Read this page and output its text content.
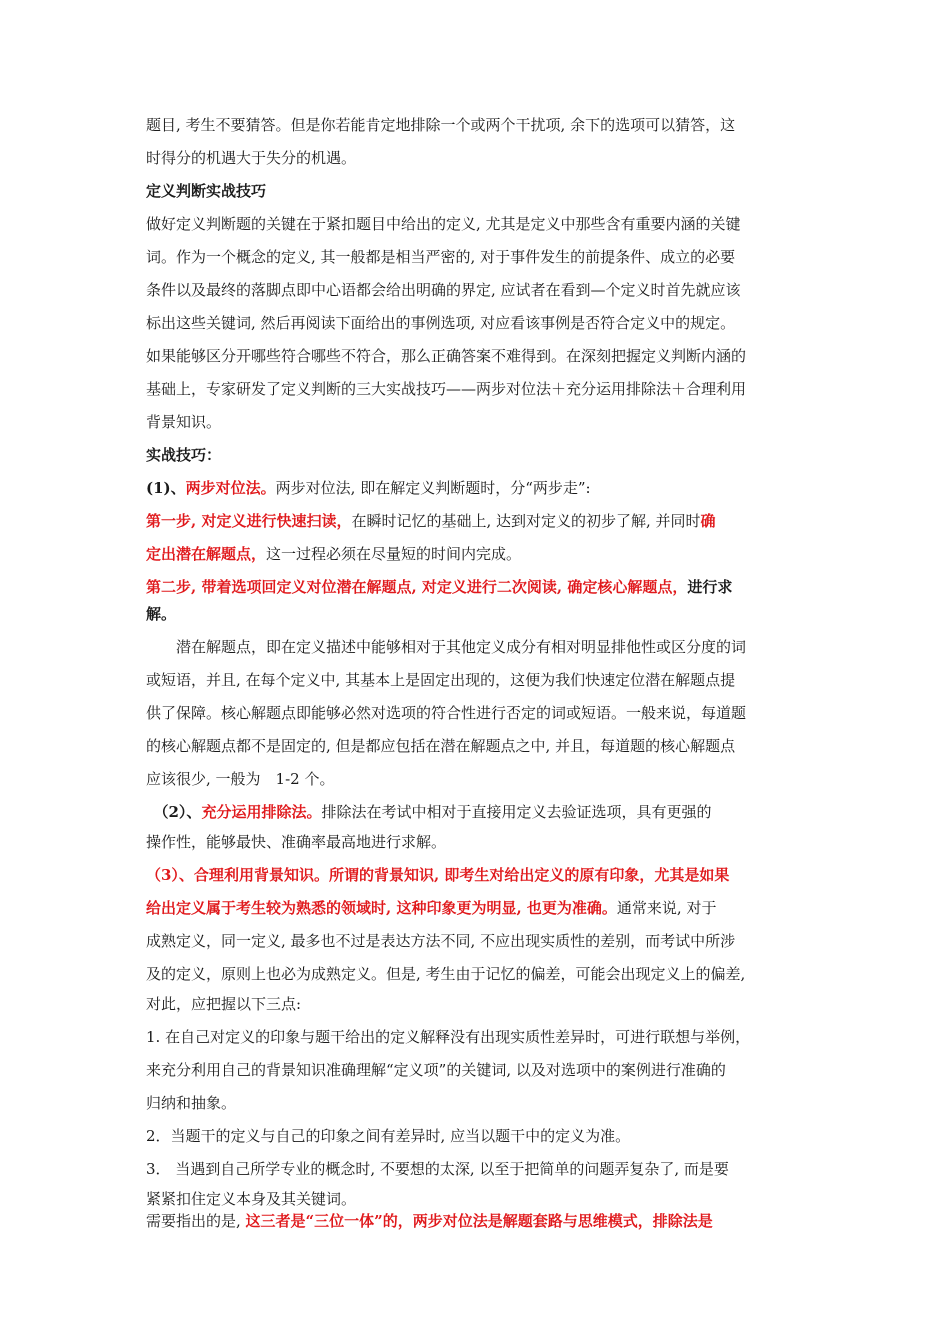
题目, 考生不要猜答。但是你若能肯定地排除一个或两个干扰项, 余下的选项可以猜答，这
时得分的机遇大于失分的机遇。
定义判断实战技巧
做好定义判断题的关键在于紧扣题目中给出的定义, 尤其是定义中那些含有重要内涵的关键
词。作为一个概念的定义, 其一般都是相当严密的, 对于事件发生的前提条件、成立的必要
条件以及最终的落脚点即中心语都会给出明确的界定, 应试者在看到—个定义时首先就应该
标出这些关键词, 然后再阅读下面给出的事例选项, 对应看该事例是否符合定义中的规定。
如果能够区分开哪些符合哪些不符合，那么正确答案不难得到。在深刻把握定义判断内涵的
基础上，专家研发了定义判断的三大实战技巧——两步对位法＋充分运用排除法＋合理利用
背景知识。
实战技巧：
(1)、两步对位法。两步对位法, 即在解定义判断题时，分“两步走”:
第一步, 对定义进行快速扫读，在瞬时记忆的基础上, 达到对定义的初步了解, 并同时确
定出潜在解题点，这一过程必须在尽量短的时间内完成。
第二步, 带着选项回定义对位潜在解题点, 对定义进行二次阅读, 确定核心解题点，进行求
解。
　　潜在解题点，即在定义描述中能够相对于其他定义成分有相对明显排他性或区分度的词
或短语，并且, 在每个定义中, 其基本上是固定出现的，这便为我们快速定位潜在解题点提
供了保障。核心解题点即能够必然对选项的符合性进行否定的词或短语。一般来说，每道题
的核心解题点都不是固定的, 但是都应包括在潜在解题点之中, 并且，每道题的核心解题点
应该很少, 一般为　1-2 个。
　（2）、充分运用排除法。排除法在考试中相对于直接用定义去验证选项，具有更强的
操作性，能够最快、准确率最高地进行求解。
（3）、合理利用背景知识。所谓的背景知识, 即考生对给出定义的原有印象，尤其是如果
给出定义属于考生较为熟悉的领域时, 这种印象更为明显, 也更为准确。通常来说, 对于
成熟定义，同一定义, 最多也不过是表达方法不同, 不应出现实质性的差别，而考试中所涉
及的定义，原则上也必为成熟定义。但是, 考生由于记忆的偏差，可能会出现定义上的偏差,
对此，应把握以下三点:
1. 在自己对定义的印象与题干给出的定义解释没有出现实质性差异时，可进行联想与举例，
来充分利用自己的背景知识准确理解“定义项”的关键词, 以及对选项中的案例进行准确的
归纳和抽象。
2．当题干的定义与自己的印象之间有差异时, 应当以题干中的定义为准。
3． 当遇到自己所学专业的概念时, 不要想的太深, 以至于把简单的问题弄复杂了, 而是要
紧紧扣住定义本身及其关键词。
需要指出的是, 这三者是“三位一体”的，两步对位法是解题套路与思维模式，排除法是
